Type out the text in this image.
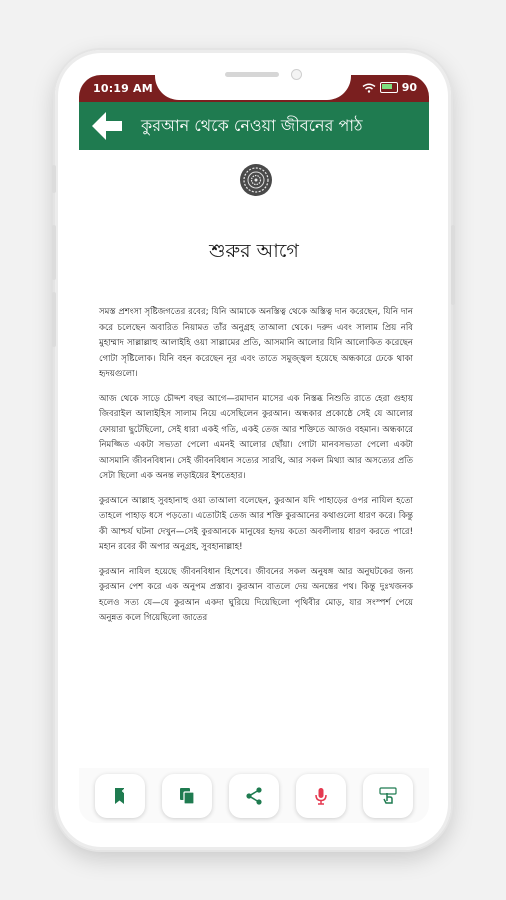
10:19 AM	90
কুরআন থেকে নেওয়া জীবনের পাঠ
শুরুর আগে

সমস্ত প্রশংসা সৃষ্টিজগতের রবের; যিনি আমাকে অনস্তিত্ব থেকে অস্তিত্ব দান করেছেন, যিনি দান করে চলেছেন অবারিত নিয়ামত তাঁর অনুগ্রহ তাআলা থেকে। দরুদ এবং সালাম প্রিয় নবি মুহাম্মাদ সাল্লাল্লাহু আলাইহি ওয়া সাল্লামের প্রতি, আসমানি আলোর যিনি আলোকিত করেছেন গোটা সৃষ্টিলোক। যিনি বহন করেছেন নূর এবং তাতে সমুজ্জ্বল হয়েছে অন্ধকারে ঢেকে থাকা হৃদয়গুলো।

আজ থেকে সাড়ে চৌদ্দশ বছর আগে—রমাদান মাসের এক নিস্তব্ধ নিশুতি রাতে হেরা গুহায় জিবরাইল আলাইহিস সালাম নিয়ে এসেছিলেন কুরআন। অন্ধকার প্রকোষ্ঠে সেই যে আলোর ফোয়ারা ছুটেছিলো, সেই ধারা একই গতি, একই তেজ আর শক্তিতে আজও বহমান। অন্ধকারে নিমজ্জিত একটা সভ্যতা পেলো এমনই আলোর ছোঁয়া। গোটা মানবসভ্যতা পেলো একটা আসমানি জীবনবিধান। সেই জীবনবিধান সত্যের সারথি, আর সকল মিথ্যা আর অসত্যের প্রতি সেটা ছিলো এক অনন্ত লড়াইয়ের ইশতেহার।

কুরআনে আল্লাহ সুবহানাহু ওয়া তাআলা বলেছেন, কুরআন যদি পাহাড়ের ওপর নাযিল হতো তাহলে পাহাড় ধসে পড়তো। এতোটাই তেজ আর শক্তি কুরআনের কথাগুলো ধারণ করে। কিন্তু কী আশ্চর্য ঘটনা দেখুন—সেই কুরআনকে মানুষের হৃদয় কতো অবলীলায় ধারণ করতে পারে! মহান রবের কী অপার অনুগ্রহ, সুবহানাল্লাহ!

কুরআন নাযিল হয়েছে জীবনবিধান হিশেবে। জীবনের সকল অনুষঙ্গ আর অনুঘটকের জন্য কুরআন পেশ করে এক অনুপম প্রস্তাব। কুরআন বাতলে দেয় অনন্তের পথ। কিন্তু দুঃখজনক হলেও সত্য যে—যে কুরআন একদা ঘুরিয়ে দিয়েছিলো পৃথিবীর মোড়, যার সংস্পর্শ পেয়ে অনুন্নত কলে গিয়েছিলো জাতের
